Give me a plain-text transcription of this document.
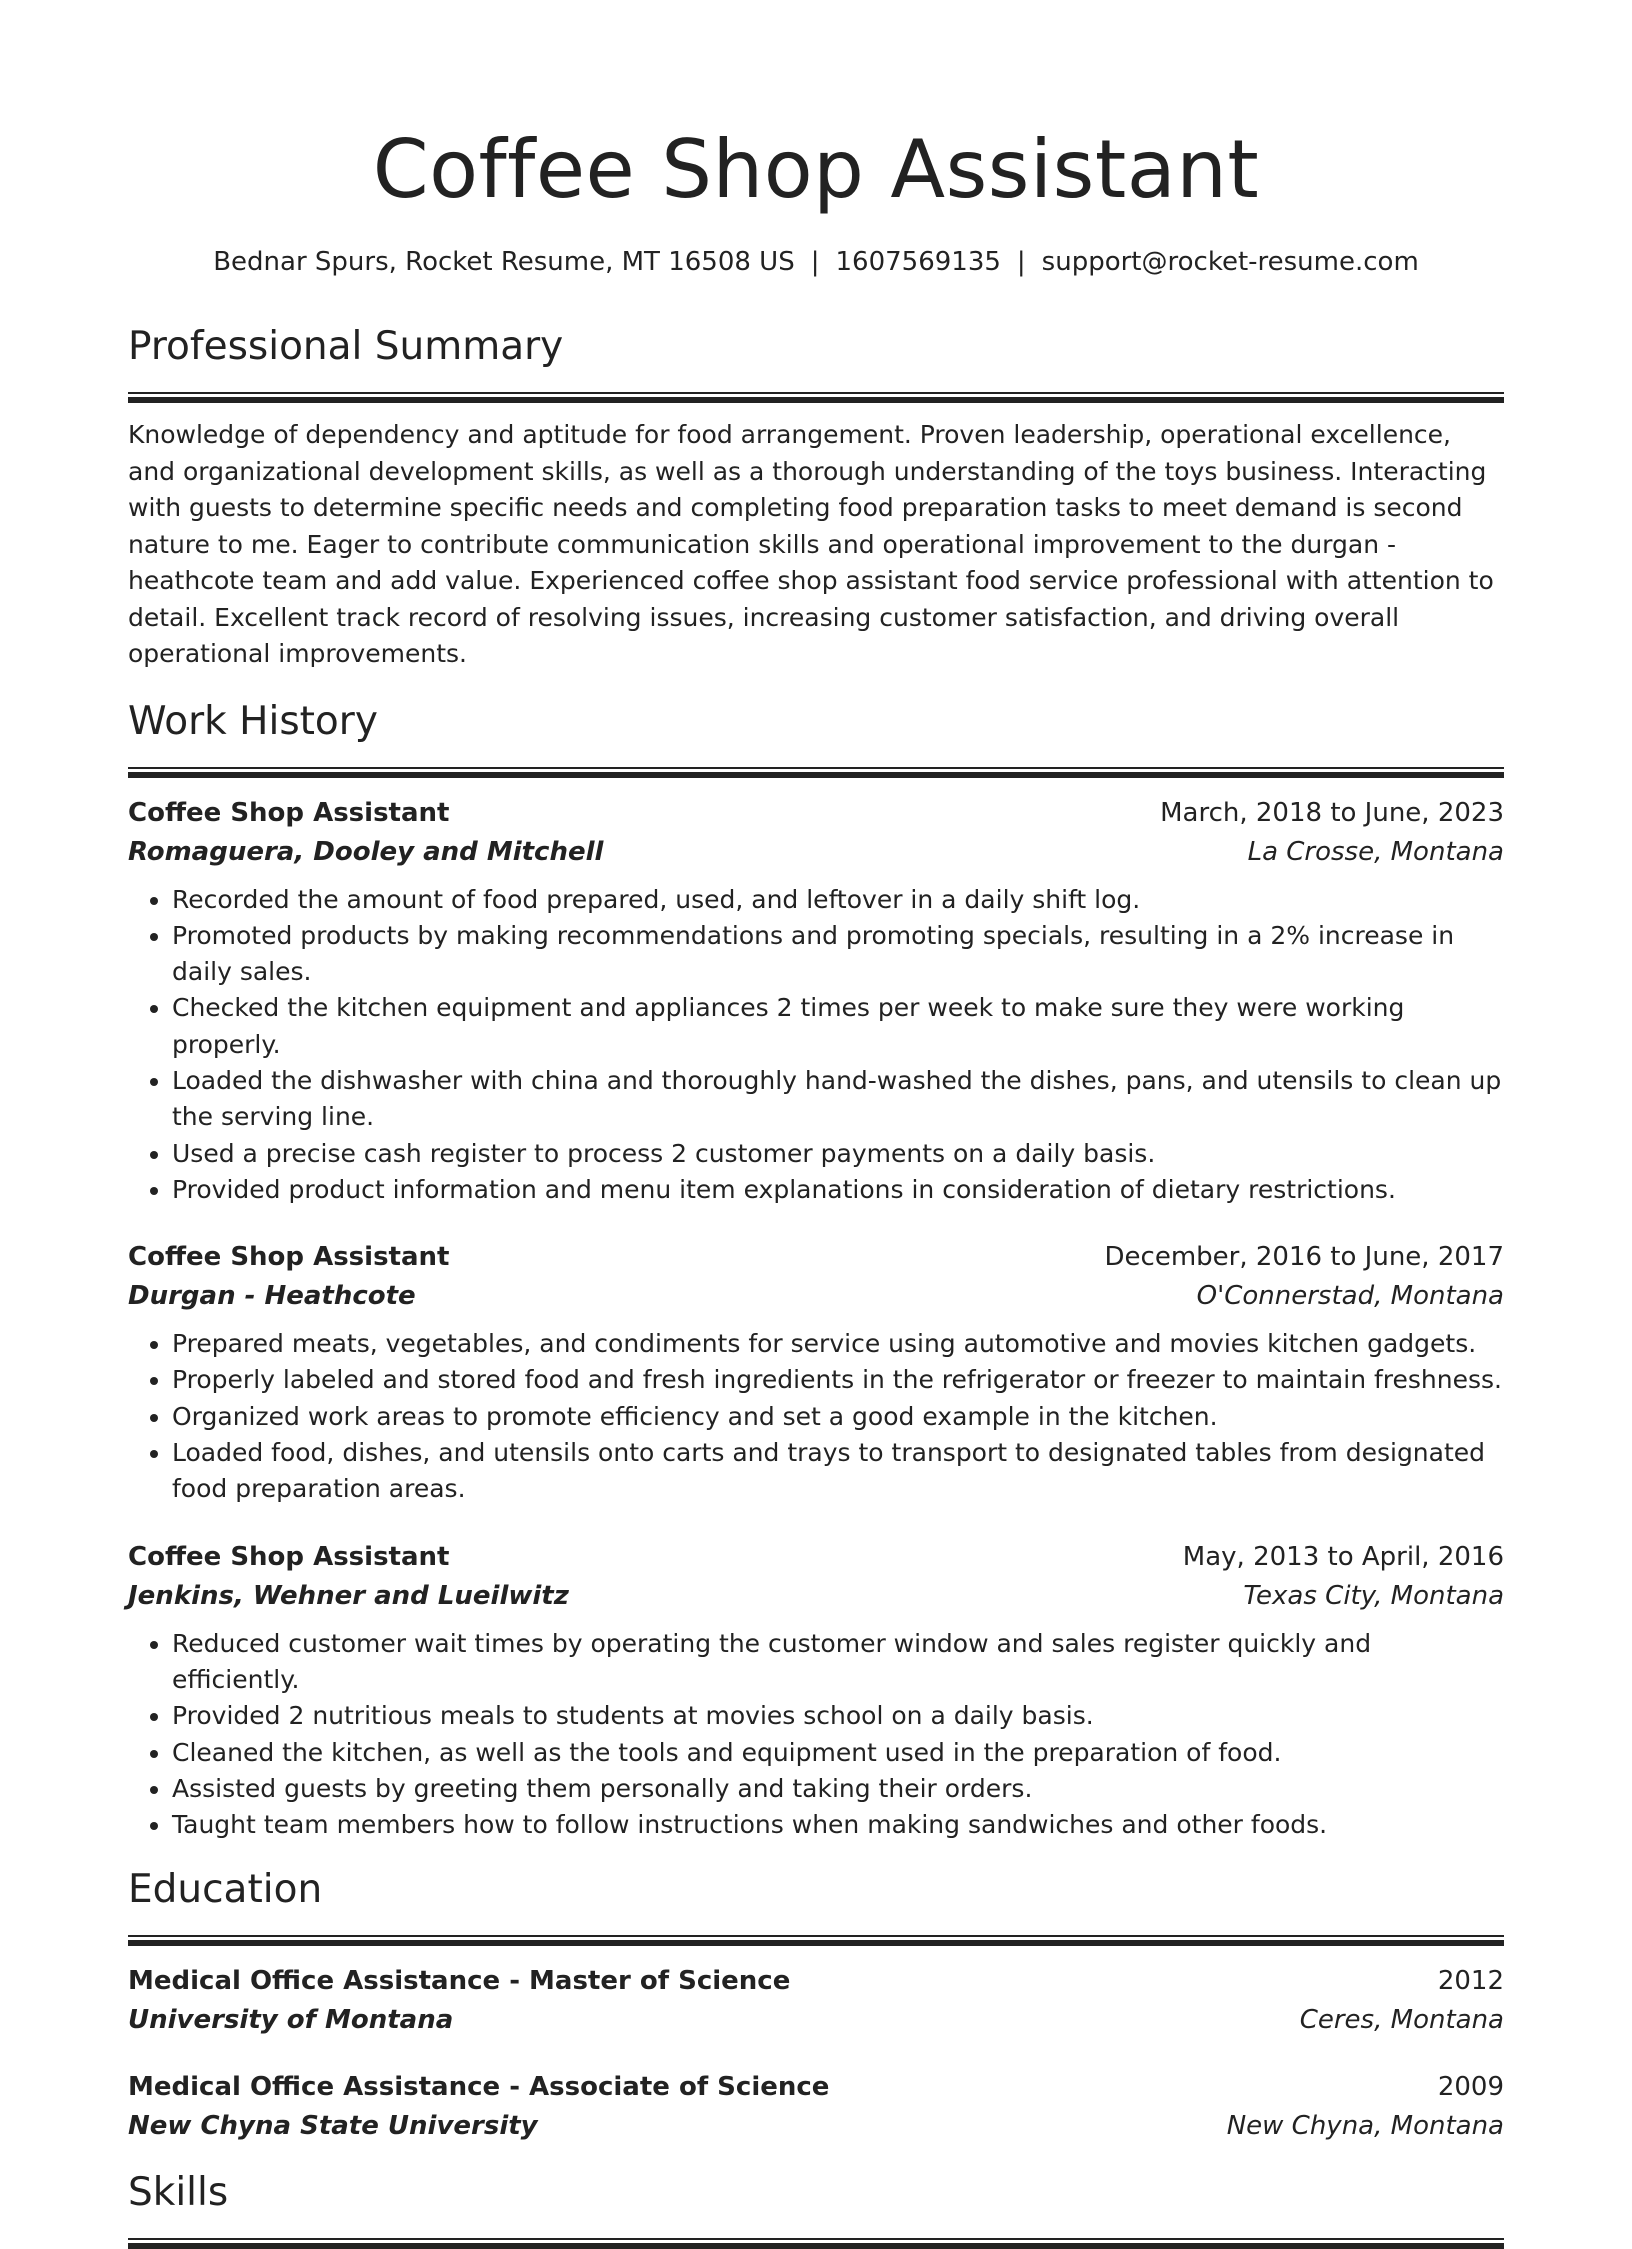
Coffee Shop Assistant
Bednar Spurs, Rocket Resume, MT 16508 US | 1607569135 | support@rocket-resume.com
Professional Summary

Knowledge of dependency and aptitude for food arrangement. Proven leadership, operational excellence, and organizational development skills, as well as a thorough understanding of the toys business. Interacting with guests to determine specific needs and completing food preparation tasks to meet demand is second nature to me. Eager to contribute communication skills and operational improvement to the durgan - heathcote team and add value. Experienced coffee shop assistant food service professional with attention to detail. Excellent track record of resolving issues, increasing customer satisfaction, and driving overall operational improvements.

Work History
Coffee Shop Assistant	March, 2018 to June, 2023
Romaguera, Dooley and Mitchell	La Crosse, Montana
• Recorded the amount of food prepared, used, and leftover in a daily shift log.
• Promoted products by making recommendations and promoting specials, resulting in a 2% increase in daily sales.
• Checked the kitchen equipment and appliances 2 times per week to make sure they were working properly.
• Loaded the dishwasher with china and thoroughly hand-washed the dishes, pans, and utensils to clean up the serving line.
• Used a precise cash register to process 2 customer payments on a daily basis.
• Provided product information and menu item explanations in consideration of dietary restrictions.
Coffee Shop Assistant	December, 2016 to June, 2017
Durgan - Heathcote	O'Connerstad, Montana
• Prepared meats, vegetables, and condiments for service using automotive and movies kitchen gadgets.
• Properly labeled and stored food and fresh ingredients in the refrigerator or freezer to maintain freshness.
• Organized work areas to promote efficiency and set a good example in the kitchen.
• Loaded food, dishes, and utensils onto carts and trays to transport to designated tables from designated food preparation areas.
Coffee Shop Assistant	May, 2013 to April, 2016
Jenkins, Wehner and Lueilwitz	Texas City, Montana
• Reduced customer wait times by operating the customer window and sales register quickly and efficiently.
• Provided 2 nutritious meals to students at movies school on a daily basis.
• Cleaned the kitchen, as well as the tools and equipment used in the preparation of food.
• Assisted guests by greeting them personally and taking their orders.
• Taught team members how to follow instructions when making sandwiches and other foods.
Education
Medical Office Assistance - Master of Science	2012
University of Montana	Ceres, Montana
Medical Office Assistance - Associate of Science	2009
New Chyna State University	New Chyna, Montana
Skills
